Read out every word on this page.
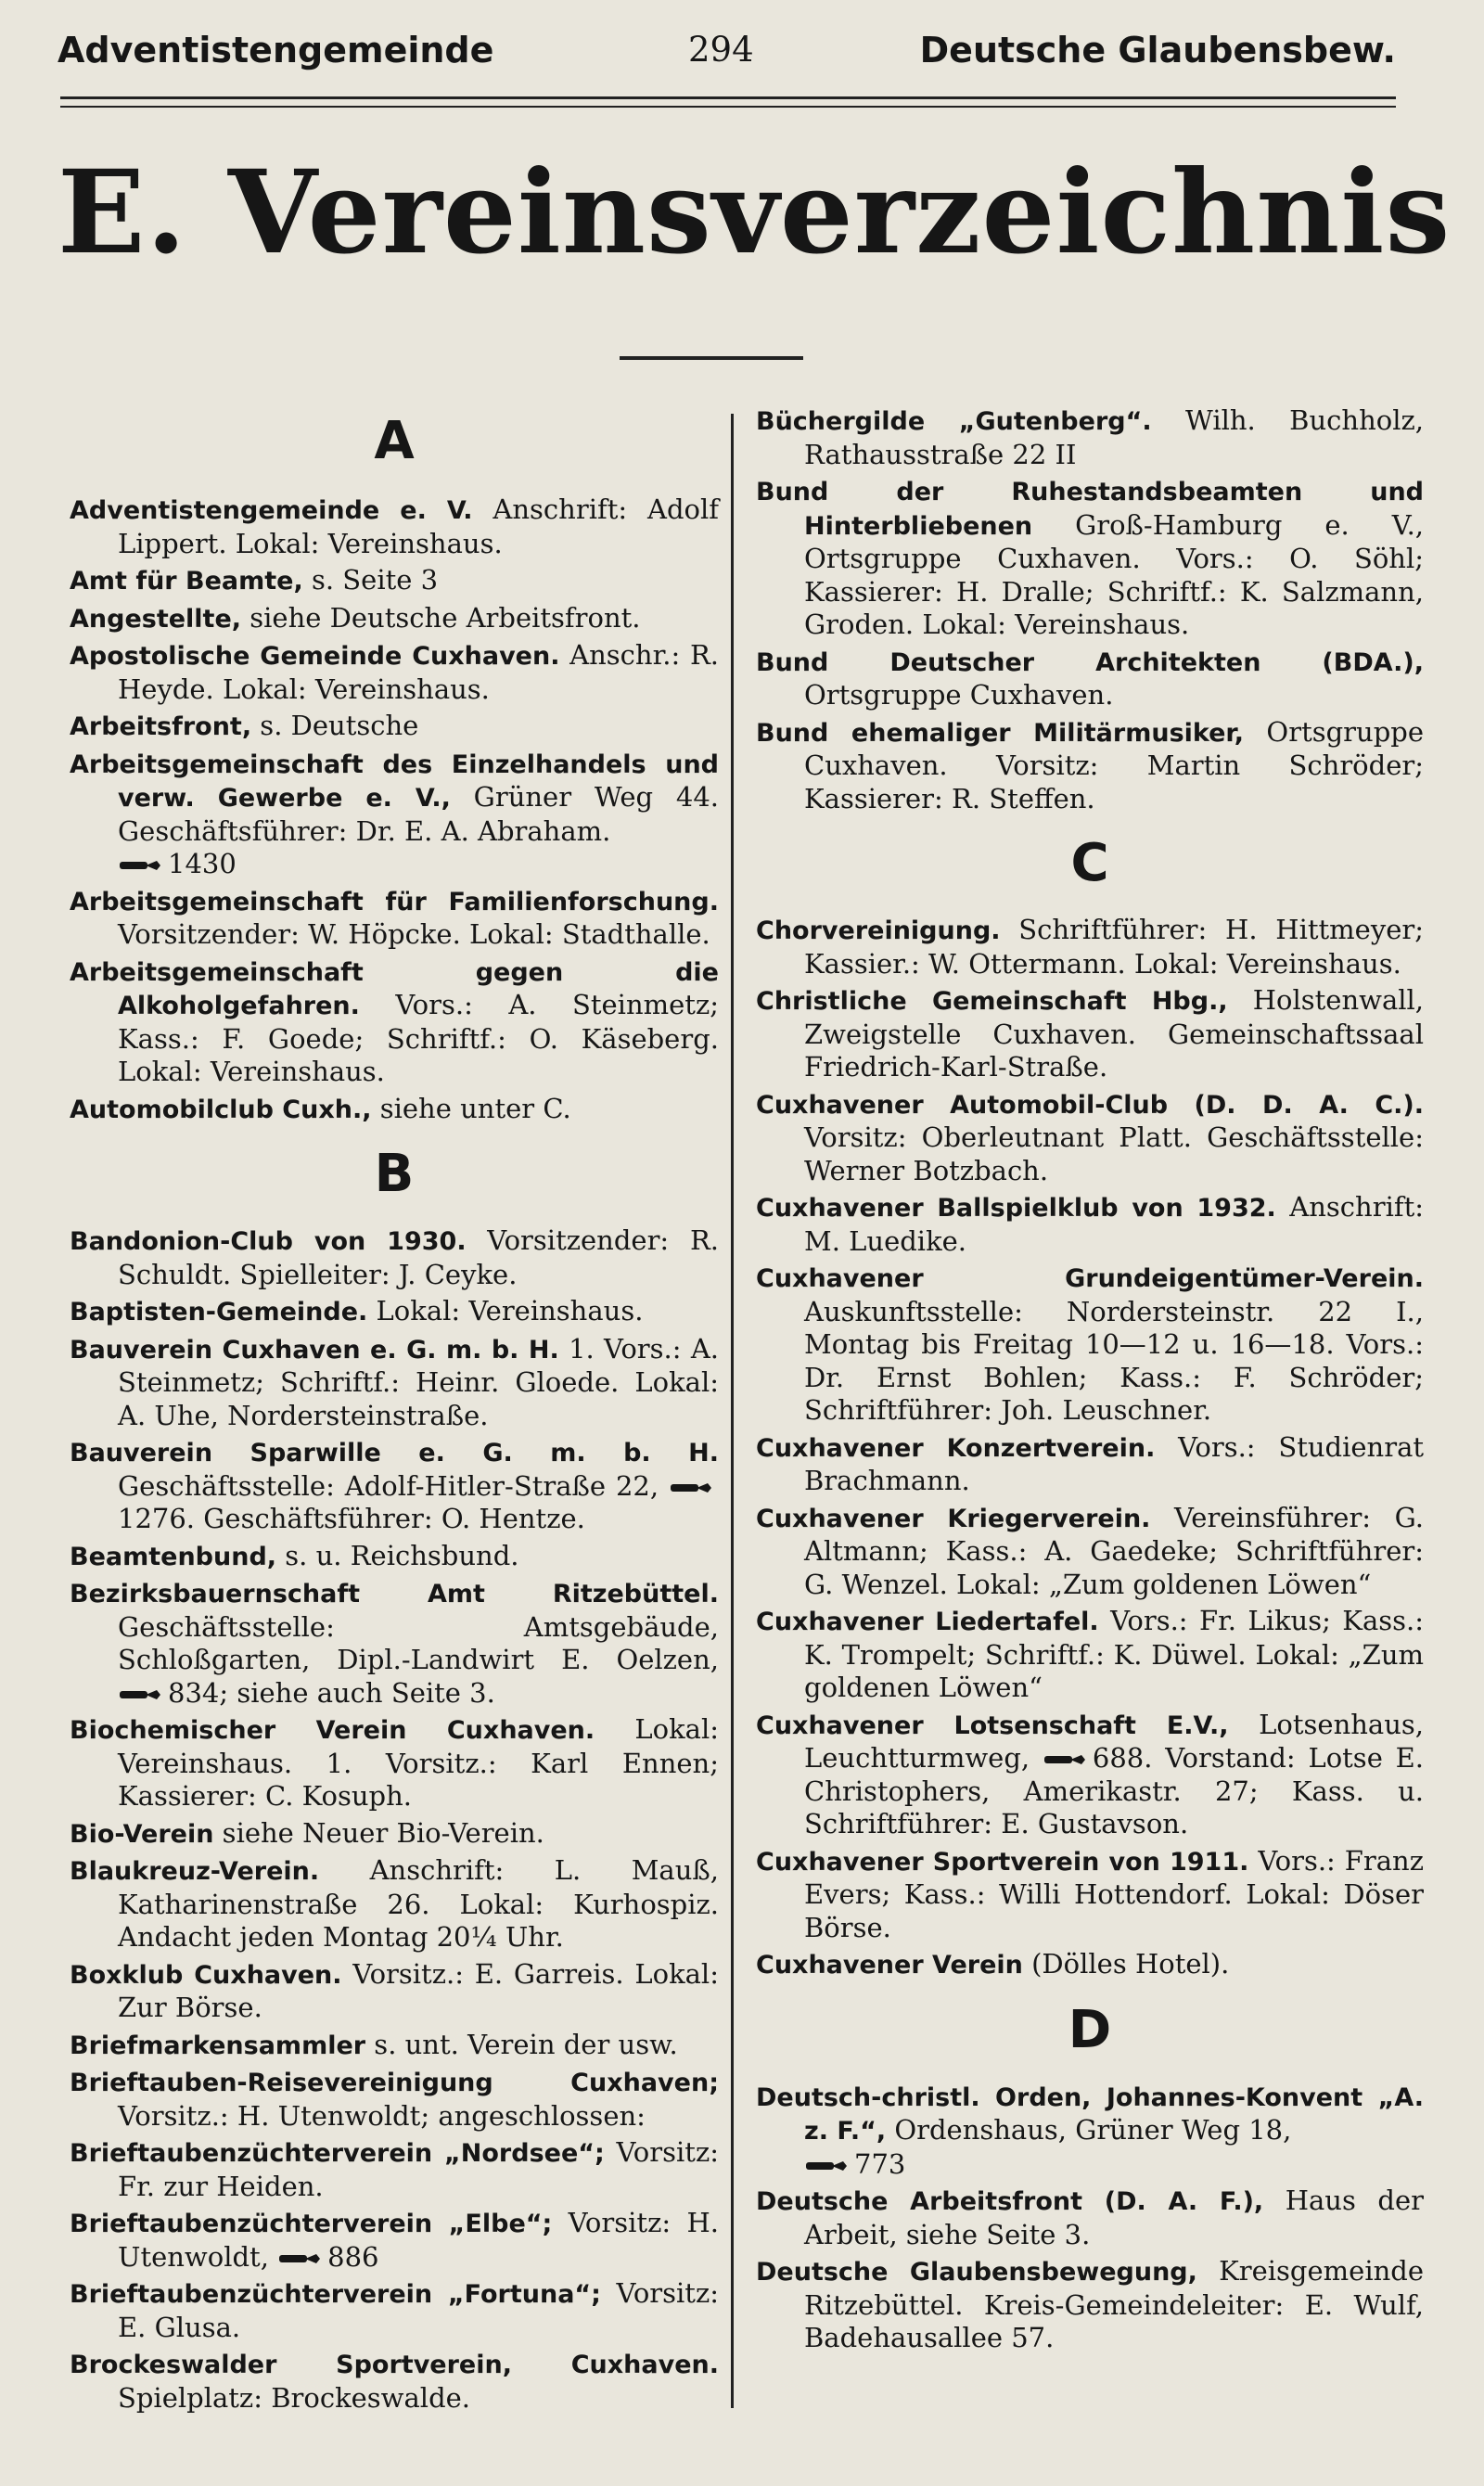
Adventistengemeinde	294	Deutsche Glaubensbew.
E. Vereinsverzeichnis
A
Adventistengemeinde e. V. Anschrift: Adolf Lippert. Lokal: Vereinshaus.
Amt für Beamte, s. Seite 3
Angestellte, siehe Deutsche Arbeitsfront.
Apostolische Gemeinde Cuxhaven. Anschr.: R. Heyde. Lokal: Vereinshaus.
Arbeitsfront, s. Deutsche
Arbeitsgemeinschaft des Einzelhandels und verw. Gewerbe e. V., Grüner Weg 44. Geschäftsführer: Dr. E. A. Abraham.
1430
Arbeitsgemeinschaft für Familienforschung. Vorsitzender: W. Höpcke. Lokal: Stadthalle.
Arbeitsgemeinschaft gegen die Alkoholgefahren. Vors.: A. Steinmetz; Kass.: F. Goede; Schriftf.: O. Käseberg. Lokal: Vereinshaus.
Automobilclub Cuxh., siehe unter C.
B
Bandonion-Club von 1930. Vorsitzender: R. Schuldt. Spielleiter: J. Ceyke.
Baptisten-Gemeinde. Lokal: Vereinshaus.
Bauverein Cuxhaven e. G. m. b. H. 1. Vors.: A. Steinmetz; Schriftf.: Heinr. Gloede. Lokal: A. Uhe, Nordersteinstraße.
Bauverein Sparwille e. G. m. b. H. Geschäftsstelle: Adolf-Hitler-Straße 22, 1276. Geschäftsführer: O. Hentze.
Beamtenbund, s. u. Reichsbund.
Bezirksbauernschaft Amt Ritzebüttel. Geschäftsstelle: Amtsgebäude, Schloßgarten, Dipl.-Landwirt E. Oelzen, 834; siehe auch Seite 3.
Biochemischer Verein Cuxhaven. Lokal: Vereinshaus. 1. Vorsitz.: Karl Ennen; Kassierer: C. Kosuph.
Bio-Verein siehe Neuer Bio-Verein.
Blaukreuz-Verein. Anschrift: L. Mauß, Katharinenstraße 26. Lokal: Kurhospiz. Andacht jeden Montag 20¼ Uhr.
Boxklub Cuxhaven. Vorsitz.: E. Garreis. Lokal: Zur Börse.
Briefmarkensammler s. unt. Verein der usw.
Brieftauben-Reisevereinigung Cuxhaven; Vorsitz.: H. Utenwoldt; angeschlossen:
Brieftaubenzüchterverein „Nordsee“; Vorsitz: Fr. zur Heiden.
Brieftaubenzüchterverein „Elbe“; Vorsitz: H. Utenwoldt, 886
Brieftaubenzüchterverein „Fortuna“; Vorsitz: E. Glusa.
Brockeswalder Sportverein, Cuxhaven. Spielplatz: Brockeswalde.
Büchergilde „Gutenberg“. Wilh. Buchholz, Rathausstraße 22 II
Bund der Ruhestandsbeamten und Hinterbliebenen Groß-Hamburg e. V., Ortsgruppe Cuxhaven. Vors.: O. Söhl; Kassierer: H. Dralle; Schriftf.: K. Salzmann, Groden. Lokal: Vereinshaus.
Bund Deutscher Architekten (BDA.), Ortsgruppe Cuxhaven.
Bund ehemaliger Militärmusiker, Ortsgruppe Cuxhaven. Vorsitz: Martin Schröder; Kassierer: R. Steffen.
C
Chorvereinigung. Schriftführer: H. Hittmeyer; Kassier.: W. Ottermann. Lokal: Vereinshaus.
Christliche Gemeinschaft Hbg., Holstenwall, Zweigstelle Cuxhaven. Gemeinschaftssaal Friedrich-Karl-Straße.
Cuxhavener Automobil-Club (D. D. A. C.). Vorsitz: Oberleutnant Platt. Geschäftsstelle: Werner Botzbach.
Cuxhavener Ballspielklub von 1932. Anschrift: M. Luedike.
Cuxhavener Grundeigentümer-Verein. Auskunftsstelle: Nordersteinstr. 22 I., Montag bis Freitag 10—12 u. 16—18. Vors.: Dr. Ernst Bohlen; Kass.: F. Schröder; Schriftführer: Joh. Leuschner.
Cuxhavener Konzertverein. Vors.: Studienrat Brachmann.
Cuxhavener Kriegerverein. Vereinsführer: G. Altmann; Kass.: A. Gaedeke; Schriftführer: G. Wenzel. Lokal: „Zum goldenen Löwen“
Cuxhavener Liedertafel. Vors.: Fr. Likus; Kass.: K. Trompelt; Schriftf.: K. Düwel. Lokal: „Zum goldenen Löwen“
Cuxhavener Lotsenschaft E.V., Lotsenhaus, Leuchtturmweg, 688. Vorstand: Lotse E. Christophers, Amerikastr. 27; Kass. u. Schriftführer: E. Gustavson.
Cuxhavener Sportverein von 1911. Vors.: Franz Evers; Kass.: Willi Hottendorf. Lokal: Döser Börse.
Cuxhavener Verein (Dölles Hotel).
D
Deutsch-christl. Orden, Johannes-Konvent „A. z. F.“, Ordenshaus, Grüner Weg 18,
773
Deutsche Arbeitsfront (D. A. F.), Haus der Arbeit, siehe Seite 3.
Deutsche Glaubensbewegung, Kreisgemeinde Ritzebüttel. Kreis-Gemeindeleiter: E. Wulf, Badehausallee 57.
